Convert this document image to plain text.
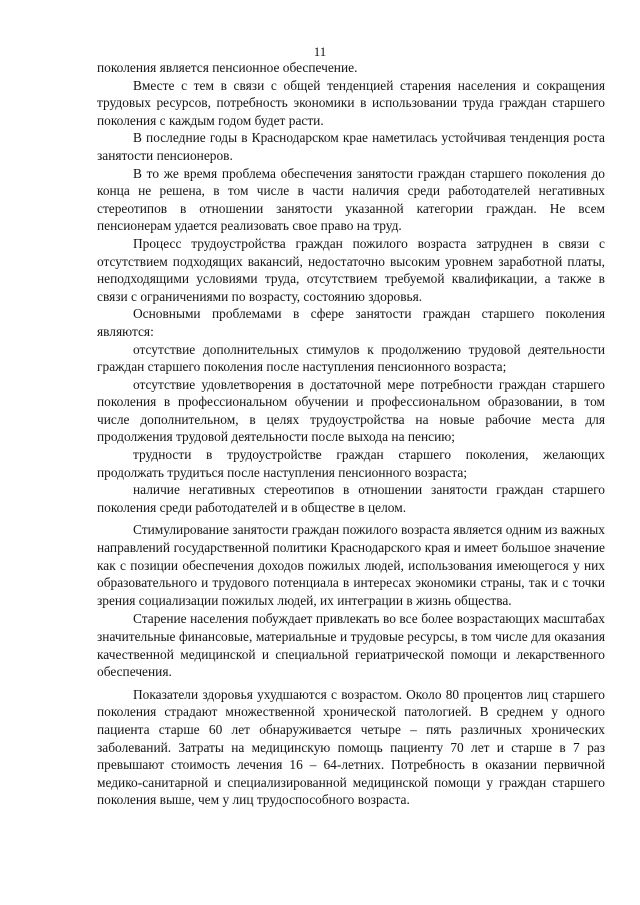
11

поколения является пенсионное обеспечение.

Вместе с тем в связи с общей тенденцией старения населения и сокращения трудовых ресурсов, потребность экономики в использовании труда граждан старшего поколения с каждым годом будет расти.

В последние годы в Краснодарском крае наметилась устойчивая тенденция роста занятости пенсионеров.

В то же время проблема обеспечения занятости граждан старшего поколения до конца не решена, в том числе в части наличия среди работодателей негативных стереотипов в отношении занятости указанной категории граждан. Не всем пенсионерам удается реализовать свое право на труд.

Процесс трудоустройства граждан пожилого возраста затруднен в связи с отсутствием подходящих вакансий, недостаточно высоким уровнем заработной платы, неподходящими условиями труда, отсутствием требуемой квалификации, а также в связи с ограничениями по возрасту, состоянию здоровья.

Основными проблемами в сфере занятости граждан старшего поколения являются:

отсутствие дополнительных стимулов к продолжению трудовой деятельности граждан старшего поколения после наступления пенсионного возраста;

отсутствие удовлетворения в достаточной мере потребности граждан старшего поколения в профессиональном обучении и профессиональном образовании, в том числе дополнительном, в целях трудоустройства на новые рабочие места для продолжения трудовой деятельности после выхода на пенсию;

трудности в трудоустройстве граждан старшего поколения, желающих продолжать трудиться после наступления пенсионного возраста;

наличие негативных стереотипов в отношении занятости граждан старшего поколения среди работодателей и в обществе в целом.

Стимулирование занятости граждан пожилого возраста является одним из важных направлений государственной политики Краснодарского края и имеет большое значение как с позиции обеспечения доходов пожилых людей, использования имеющегося у них образовательного и трудового потенциала в интересах экономики страны, так и с точки зрения социализации пожилых людей, их интеграции в жизнь общества.

Старение населения побуждает привлекать во все более возрастающих масштабах значительные финансовые, материальные и трудовые ресурсы, в том числе для оказания качественной медицинской и специальной гериатрической помощи и лекарственного обеспечения.

Показатели здоровья ухудшаются с возрастом. Около 80 процентов лиц старшего поколения страдают множественной хронической патологией. В среднем у одного пациента старше 60 лет обнаруживается четыре – пять различных хронических заболеваний. Затраты на медицинскую помощь пациенту 70 лет и старше в 7 раз превышают стоимость лечения 16 – 64-летних. Потребность в оказании первичной медико-санитарной и специализированной медицинской помощи у граждан старшего поколения выше, чем у лиц трудоспособного возраста.
